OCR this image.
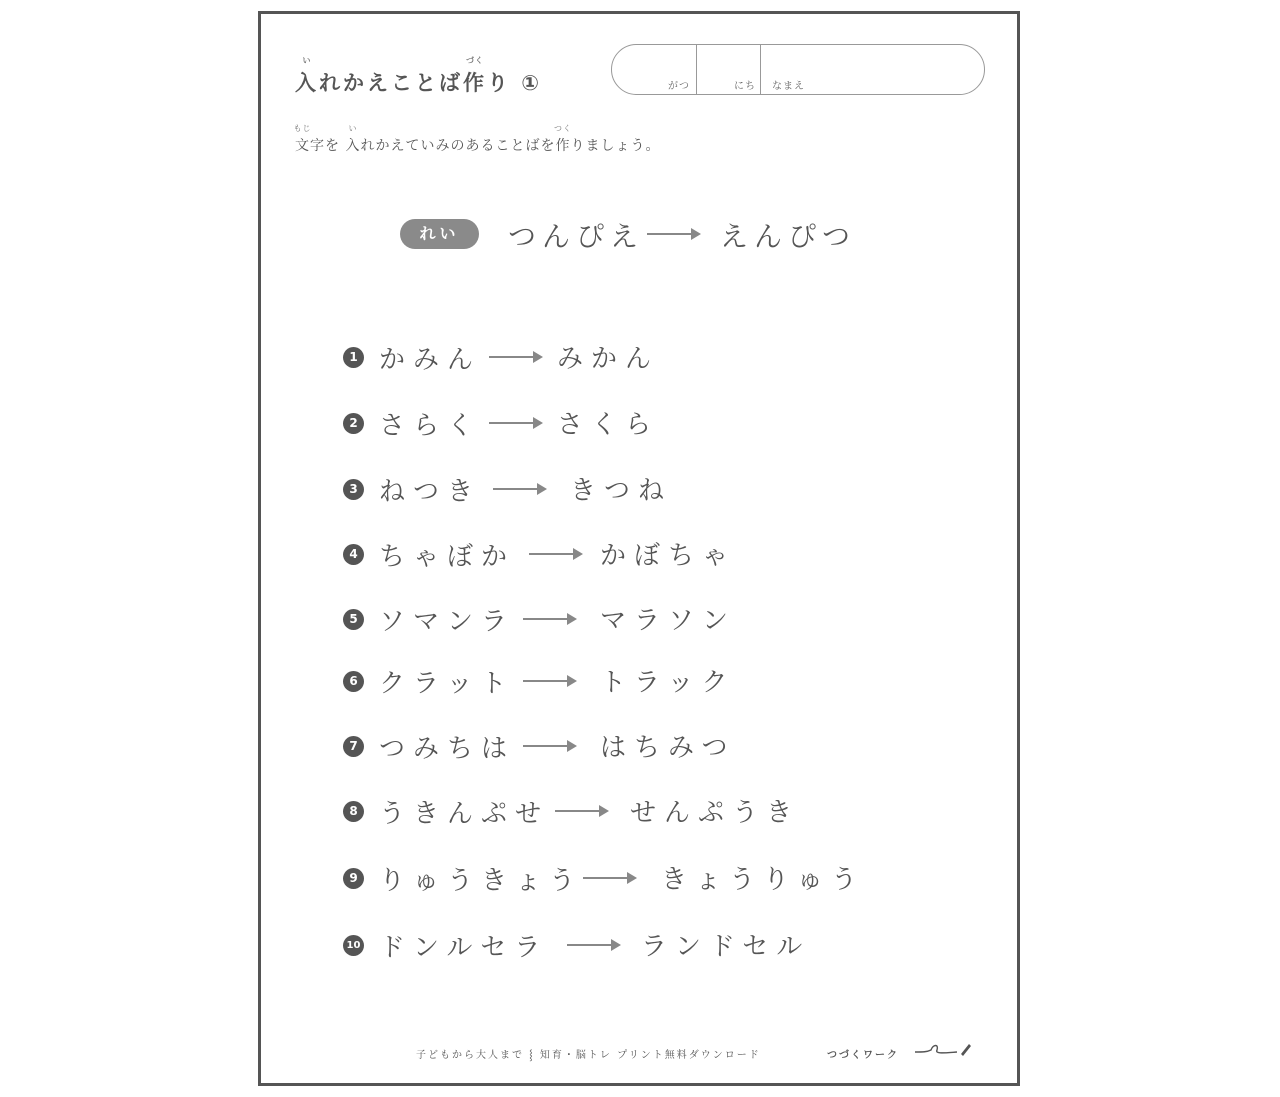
入
い
れかえことば作
づく
り ①	がつ	にち なまえ
文
もじ
字を 入
い
れかえていみのあることばを作
つく
りましょう。
れい	つんぴえ	えんぴつ
1 かみん	みかん
2 さらく	さくら
3 ねつき	きつね
4 ちゃぼか	かぼちゃ
5 ソマンラ	マラソン
6 クラット	トラック
7 つみちは	はちみつ
8 うきんぷせ	せんぷうき
9 りゅうきょう	きょうりゅう
10 ドンルセラ	ランドセル
子どもから大人まで ⸾ 知育・脳トレ プリント無料ダウンロード	つづくワーク
